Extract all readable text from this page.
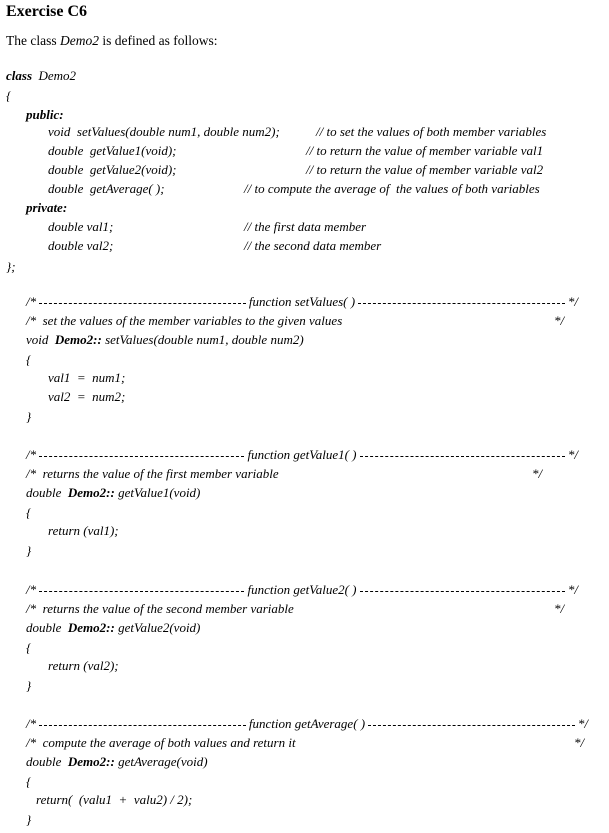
Exercise C6
The class Demo2 is defined as follows:
class Demo2
{
public:
void  setValues(double num1, double num2);	// to set the values of both member variables
double  getValue1(void);	// to return the value of member variable val1
double  getValue2(void);	// to return the value of member variable val2
double  getAverage( );	// to compute the average of  the values of both variables
private:
double val1;	// the first data member
double val2;	// the second data member
};
/*	function setValues( )	*/
/*  set the values of the member variables to the given values	*/
void Demo2:: setValues(double num1, double num2)
{
val1  =  num1;
val2  =  num2;
}
/*	function getValue1( )	*/
/*  returns the value of the first member variable	*/
double Demo2:: getValue1(void)
{
return (val1);
}
/*	function getValue2( )	*/
/*  returns the value of the second member variable	*/
double Demo2:: getValue2(void)
{
return (val2);
}
/*	function getAverage( )	*/
/*  compute the average of both values and return it	*/
double Demo2:: getAverage(void)
{
return(  (valu1  +  valu2) / 2);
}
